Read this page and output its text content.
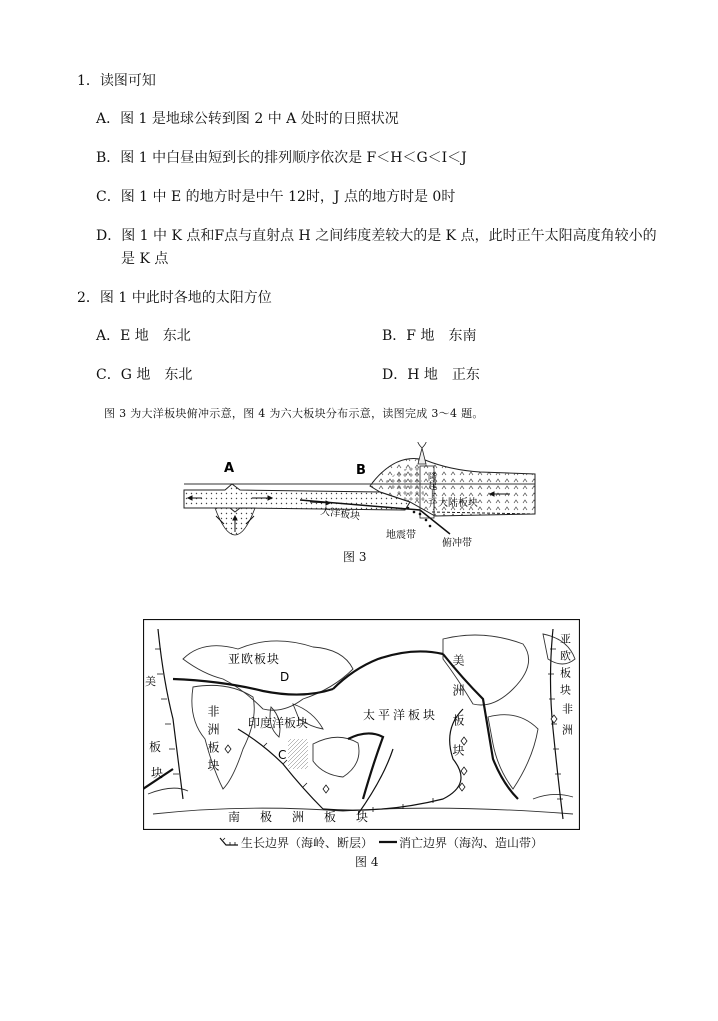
1．读图可知
A．图 1 是地球公转到图 2 中 A 处时的日照状况
B．图 1 中白昼由短到长的排列顺序依次是 F＜H＜G＜I＜J
C．图 1 中 E 的地方时是中午 12时，J 点的地方时是 0时
D．图 1 中 K 点和F点与直射点 H 之间纬度差较大的是 K 点，此时正午太阳高度角较小的
是 K 点
2．图 1 中此时各地的太阳方位
A．E 地　东北	B．F 地　东南
C．G 地　东北	D．H 地　正东
图 3 为大洋板块俯冲示意，图 4 为六大板块分布示意，读图完成 3～4 题。
A	B
大洋板块
大陆板块
隆起上升
地震带
俯冲带
图 3
亚欧板块
D
非洲板块 印度洋板块
C
太平洋板块 美洲板块
南极洲板块
美
板
块
亚欧板块
非洲
生长边界（海岭、断层） 消亡边界（海沟、造山带）
图 4
